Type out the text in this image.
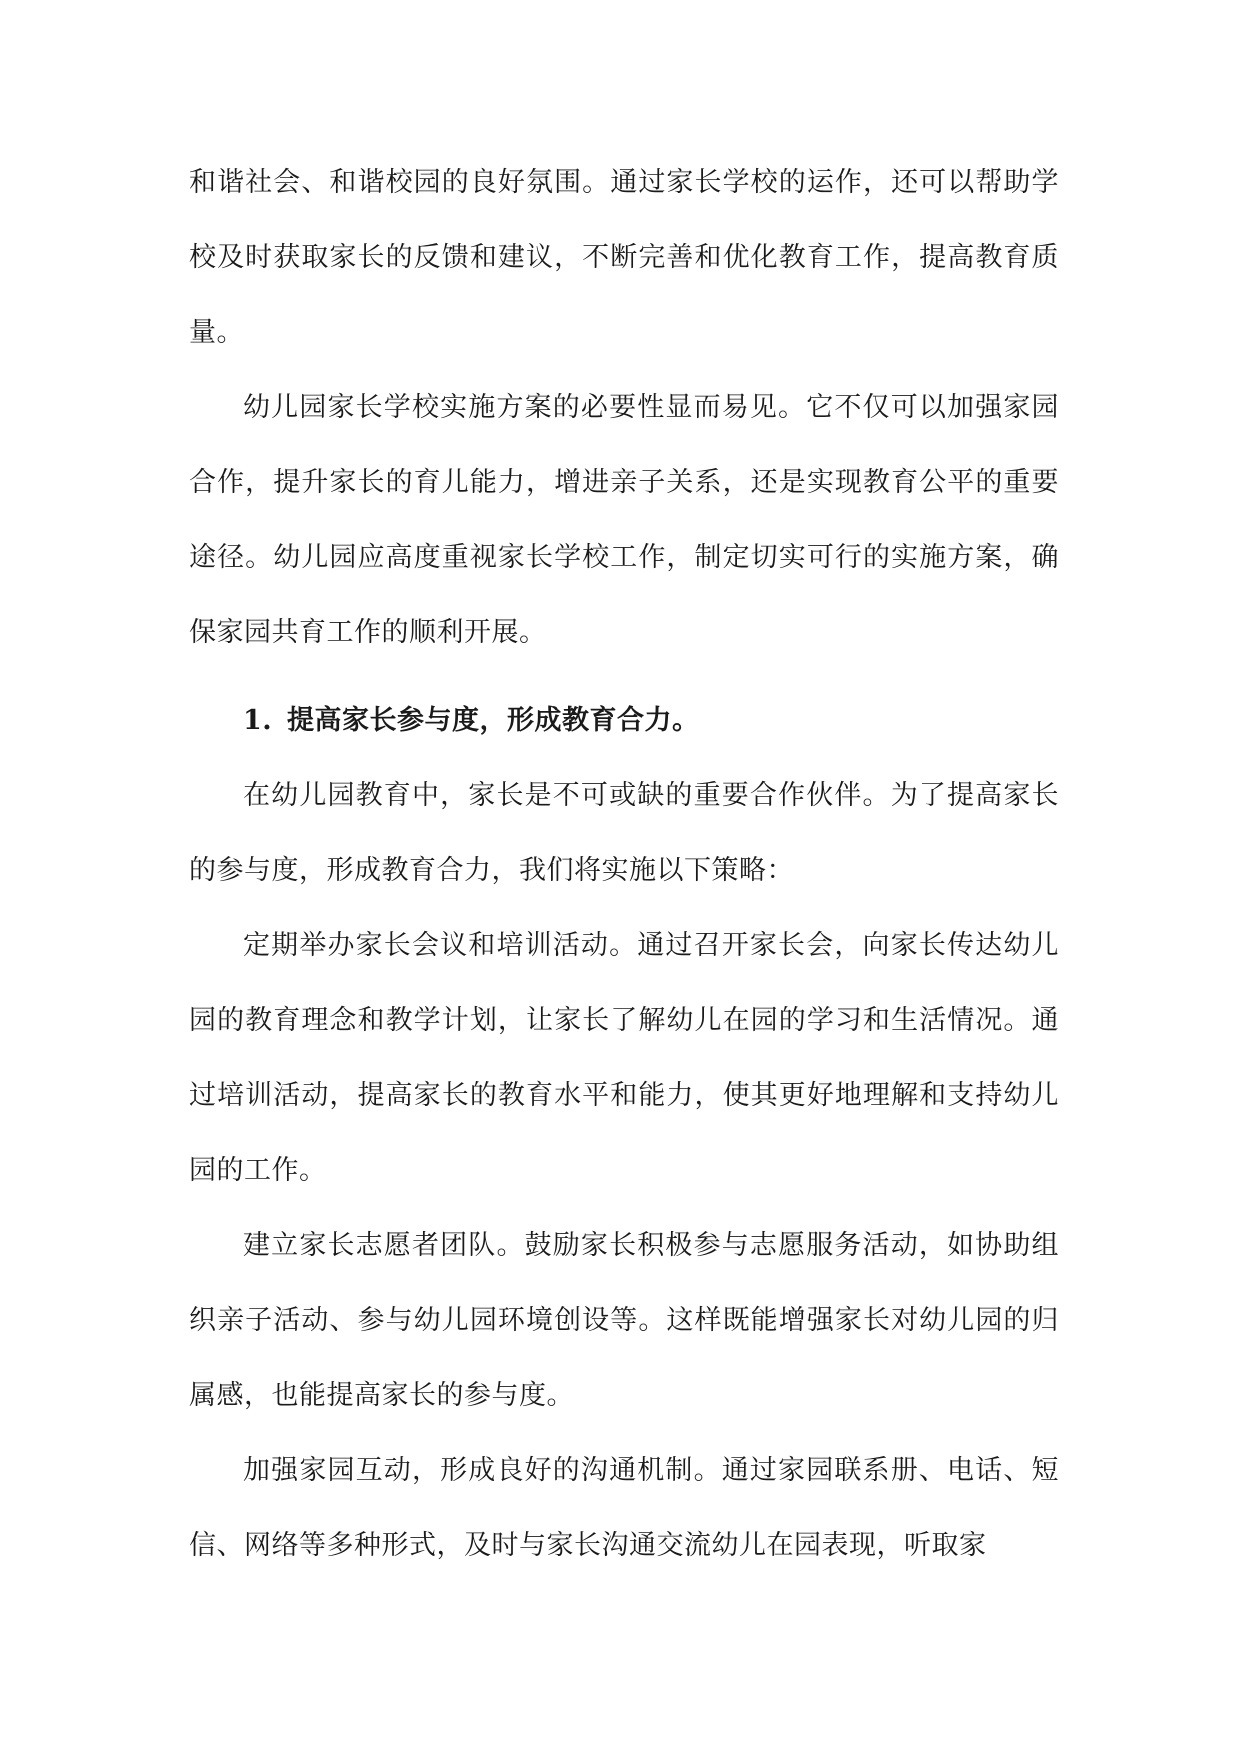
和谐社会、和谐校园的良好氛围。通过家长学校的运作，还可以帮助学校及时获取家长的反馈和建议，不断完善和优化教育工作，提高教育质量。

幼儿园家长学校实施方案的必要性显而易见。它不仅可以加强家园合作，提升家长的育儿能力，增进亲子关系，还是实现教育公平的重要途径。幼儿园应高度重视家长学校工作，制定切实可行的实施方案，确保家园共育工作的顺利开展。

1. 提高家长参与度，形成教育合力。

在幼儿园教育中，家长是不可或缺的重要合作伙伴。为了提高家长的参与度，形成教育合力，我们将实施以下策略：

定期举办家长会议和培训活动。通过召开家长会，向家长传达幼儿园的教育理念和教学计划，让家长了解幼儿在园的学习和生活情况。通过培训活动，提高家长的教育水平和能力，使其更好地理解和支持幼儿园的工作。

建立家长志愿者团队。鼓励家长积极参与志愿服务活动，如协助组织亲子活动、参与幼儿园环境创设等。这样既能增强家长对幼儿园的归属感，也能提高家长的参与度。

加强家园互动，形成良好的沟通机制。通过家园联系册、电话、短信、网络等多种形式，及时与家长沟通交流幼儿在园表现，听取家
